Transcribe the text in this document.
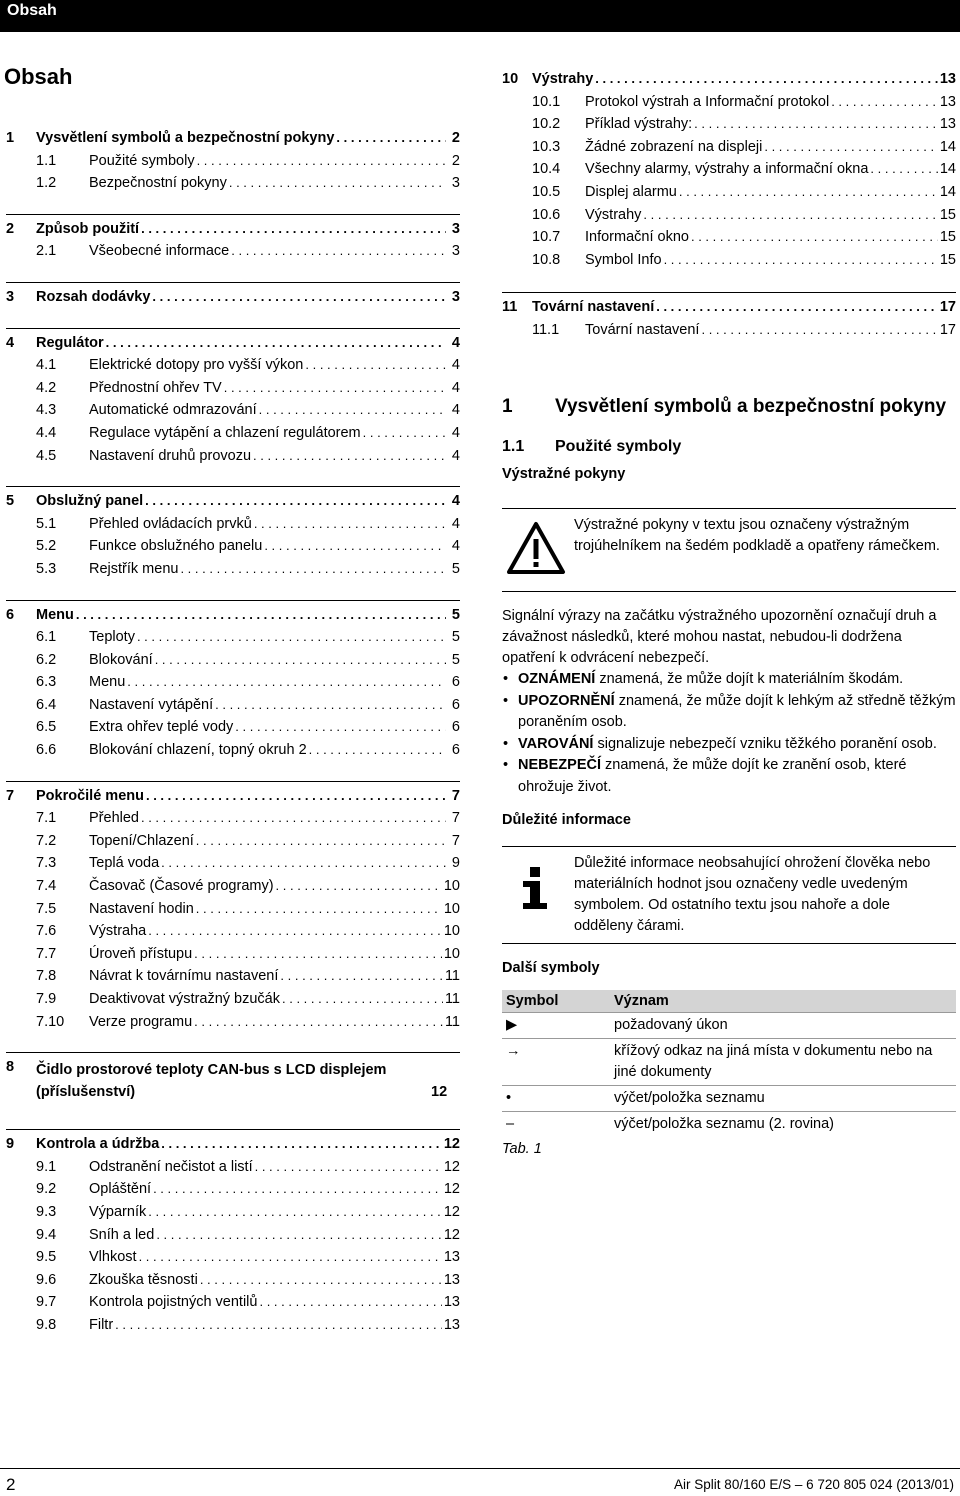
Obsah
Obsah
1	Vysvětlení symbolů a bezpečnostní pokyny . . .	2
1.1	Použité symboly . . .	2
1.2	Bezpečnostní pokyny . . .	3
2	Způsob použití . . .	3
2.1	Všeobecné informace . . .	3
3	Rozsah dodávky . . .	3
4	Regulátor . . .	4
4.1	Elektrické dotopy pro vyšší výkon . . .	4
4.2	Přednostní ohřev TV . . .	4
4.3	Automatické odmrazování . . .	4
4.4	Regulace vytápění a chlazení regulátorem . . .	4
4.5	Nastavení druhů provozu . . .	4
5	Obslužný panel . . .	4
5.1	Přehled ovládacích prvků . . .	4
5.2	Funkce obslužného panelu . . .	4
5.3	Rejstřík menu . . .	5
6	Menu . . .	5
6.1	Teploty . . .	5
6.2	Blokování . . .	5
6.3	Menu . . .	6
6.4	Nastavení vytápění . . .	6
6.5	Extra ohřev teplé vody . . .	6
6.6	Blokování chlazení, topný okruh 2 . . .	6
7	Pokročilé menu . . .	7
7.1	Přehled . . .	7
7.2	Topení/Chlazení . . .	7
7.3	Teplá voda . . .	9
7.4	Časovač (Časové programy) . . .	10
7.5	Nastavení hodin . . .	10
7.6	Výstraha . . .	10
7.7	Úroveň přístupu . . .	10
7.8	Návrat k továrnímu nastavení . . .	11
7.9	Deaktivovat výstražný bzučák . . .	11
7.10	Verze programu . . .	11
8	Čidlo prostorové teploty CAN-bus s LCD displejem (příslušenství)	12
9	Kontrola a údržba . . .	12
9.1	Odstranění nečistot a listí . . .	12
9.2	Opláštění . . .	12
9.3	Výparník . . .	12
9.4	Sníh a led . . .	12
9.5	Vlhkost . . .	13
9.6	Zkouška těsnosti . . .	13
9.7	Kontrola pojistných ventilů . . .	13
9.8	Filtr . . .	13
10 Výstrahy . . .	13
10.1	Protokol výstrah a Informační protokol . . .	13
10.2	Příklad výstrahy: . . .	13
10.3	Žádné zobrazení na displeji . . .	14
10.4	Všechny alarmy, výstrahy a informační okna . . .	14
10.5	Displej alarmu . . .	14
10.6	Výstrahy . . .	15
10.7	Informační okno . . .	15
10.8	Symbol Info . . .	15
11	Tovární nastavení . . .	17
11.1	Tovární nastavení . . .	17
1 Vysvětlení symbolů a bezpečnostní pokyny
1.1 Použité symboly
Výstražné pokyny
Výstražné pokyny v textu jsou označeny výstražným trojúhelníkem na šedém podkladě a opatřeny rámečkem.
Signální výrazy na začátku výstražného upozornění označují druh a závažnost následků, které mohou nastat, nebudou-li dodržena opatření k odvrácení nebezpečí.
• OZNÁMENÍ znamená, že může dojít k materiálním škodám.
• UPOZORNĚNÍ znamená, že může dojít k lehkým až středně těžkým poraněním osob.
• VAROVÁNÍ signalizuje nebezpečí vzniku těžkého poranění osob.
• NEBEZPEČÍ znamená, že může dojít ke zranění osob, které ohrožuje život.
Důležité informace
Důležité informace neobsahující ohrožení člověka nebo materiálních hodnot jsou označeny vedle uvedeným symbolem. Od ostatního textu jsou nahoře a dole odděleny čárami.
Další symboly
Symbol	Význam
▶	požadovaný úkon
→	křížový odkaz na jiná místa v dokumentu nebo na jiné dokumenty
•	výčet/položka seznamu
–	výčet/položka seznamu (2. rovina)
Tab. 1
2	Air Split 80/160 E/S – 6 720 805 024 (2013/01)
